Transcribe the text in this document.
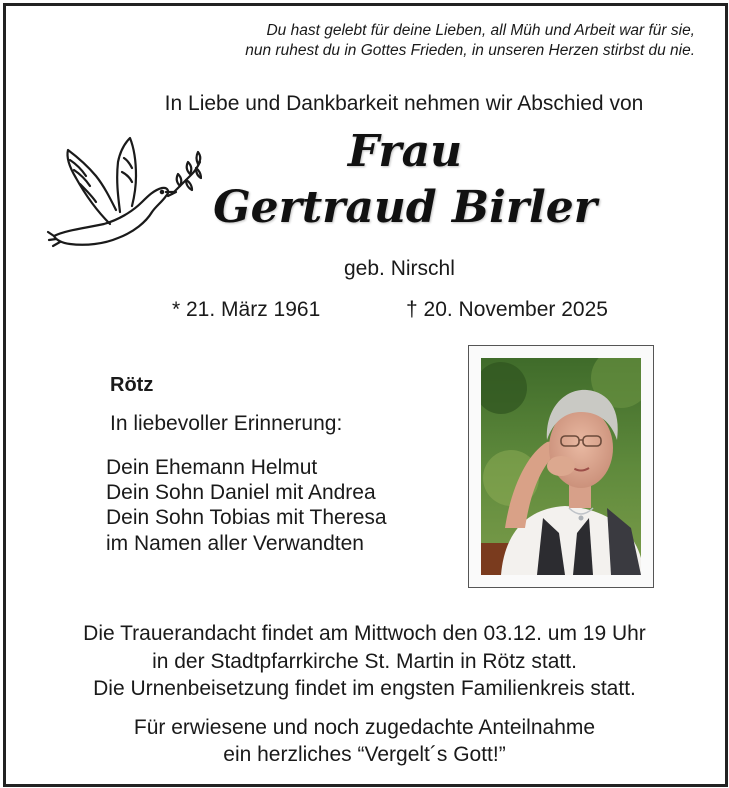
Du hast gelebt für deine Lieben, all Müh und Arbeit war für sie,

nun ruhest du in Gottes Frieden, in unseren Herzen stirbst du nie.

In Liebe und Dankbarkeit nehmen wir Abschied von

Frau

Gertraud Birler

geb. Nirschl

* 21. März 1961	† 20. November 2025

Rötz

In liebevoller Erinnerung:

Dein Ehemann Helmut

Dein Sohn Daniel mit Andrea

Dein Sohn Tobias mit Theresa

im Namen aller Verwandten

Die Trauerandacht findet am Mittwoch den 03.12. um 19 Uhr

in der Stadtpfarrkirche St. Martin in Rötz statt.

Die Urnenbeisetzung findet im engsten Familienkreis statt.

Für erwiesene und noch zugedachte Anteilnahme

ein herzliches “Vergelt´s Gott!”
